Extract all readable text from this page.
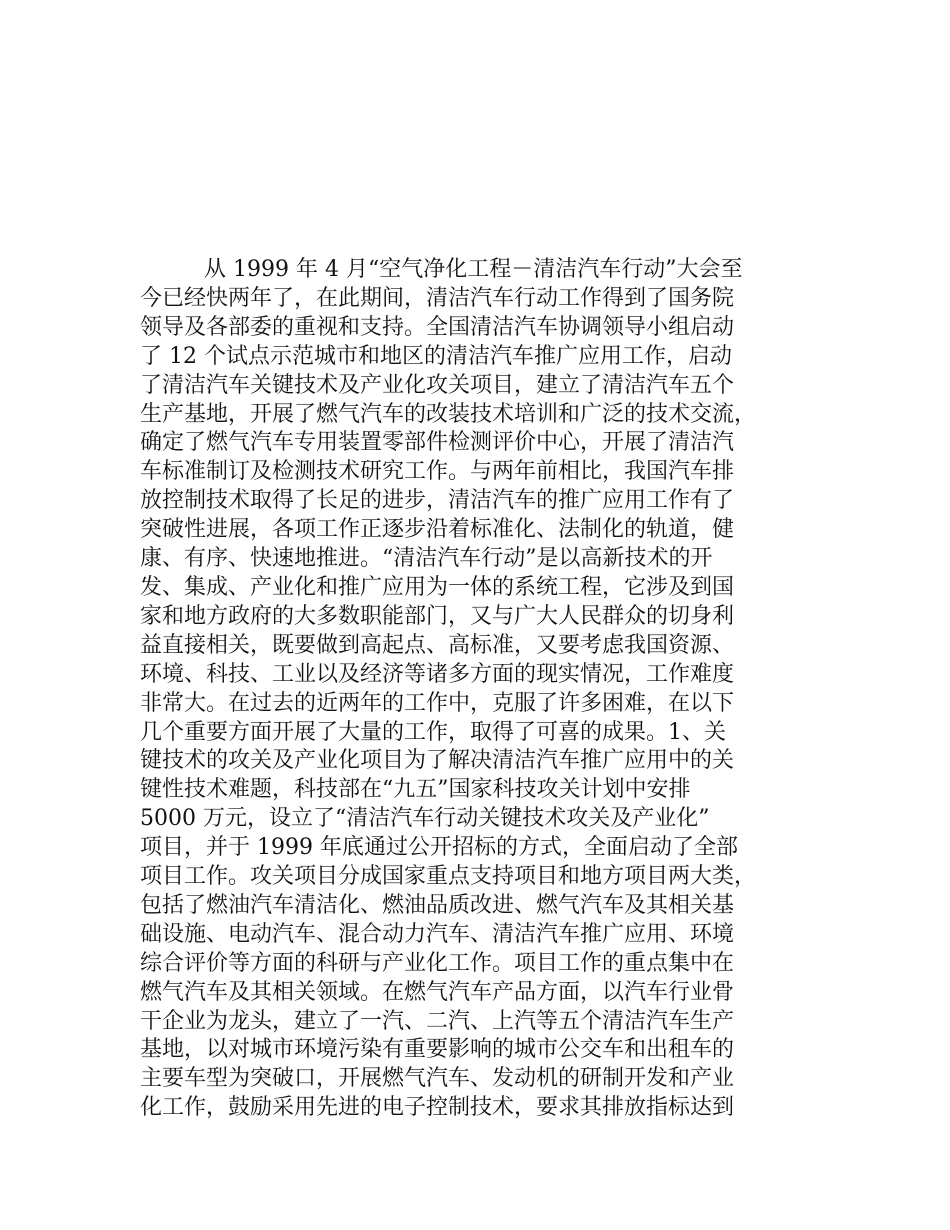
从 1999 年 4 月“空气净化工程－清洁汽车行动”大会至
今已经快两年了，在此期间，清洁汽车行动工作得到了国务院
领导及各部委的重视和支持。全国清洁汽车协调领导小组启动
了 12 个试点示范城市和地区的清洁汽车推广应用工作，启动
了清洁汽车关键技术及产业化攻关项目，建立了清洁汽车五个
生产基地，开展了燃气汽车的改装技术培训和广泛的技术交流，
确定了燃气汽车专用装置零部件检测评价中心，开展了清洁汽
车标准制订及检测技术研究工作。与两年前相比，我国汽车排
放控制技术取得了长足的进步，清洁汽车的推广应用工作有了
突破性进展，各项工作正逐步沿着标准化、法制化的轨道，健
康、有序、快速地推进。“清洁汽车行动”是以高新技术的开
发、集成、产业化和推广应用为一体的系统工程，它涉及到国
家和地方政府的大多数职能部门，又与广大人民群众的切身利
益直接相关，既要做到高起点、高标准，又要考虑我国资源、
环境、科技、工业以及经济等诸多方面的现实情况，工作难度
非常大。在过去的近两年的工作中，克服了许多困难，在以下
几个重要方面开展了大量的工作，取得了可喜的成果。1、关
键技术的攻关及产业化项目为了解决清洁汽车推广应用中的关
键性技术难题，科技部在“九五”国家科技攻关计划中安排
5000 万元，设立了“清洁汽车行动关键技术攻关及产业化”
项目，并于 1999 年底通过公开招标的方式，全面启动了全部
项目工作。攻关项目分成国家重点支持项目和地方项目两大类，
包括了燃油汽车清洁化、燃油品质改进、燃气汽车及其相关基
础设施、电动汽车、混合动力汽车、清洁汽车推广应用、环境
综合评价等方面的科研与产业化工作。项目工作的重点集中在
燃气汽车及其相关领域。在燃气汽车产品方面，以汽车行业骨
干企业为龙头，建立了一汽、二汽、上汽等五个清洁汽车生产
基地，以对城市环境污染有重要影响的城市公交车和出租车的
主要车型为突破口，开展燃气汽车、发动机的研制开发和产业
化工作，鼓励采用先进的电子控制技术，要求其排放指标达到
